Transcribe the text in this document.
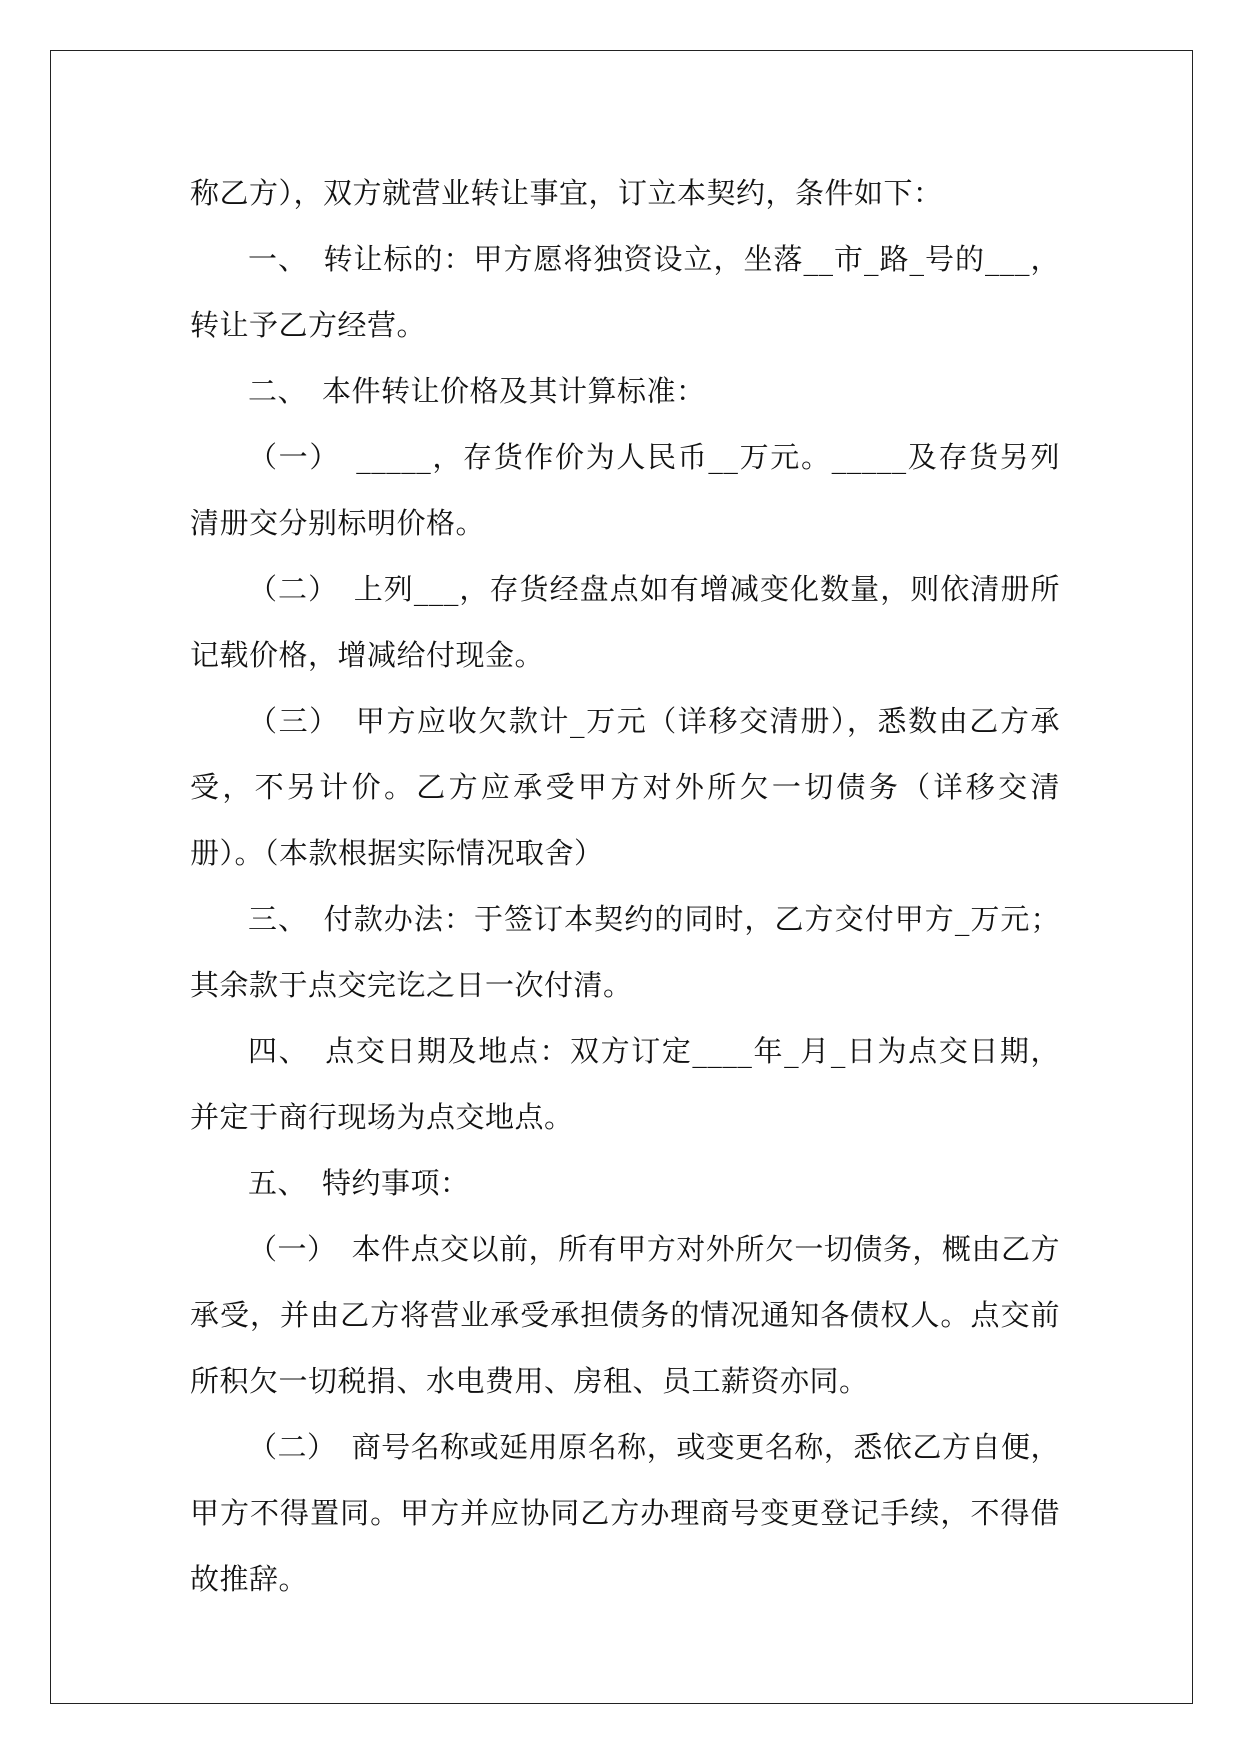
称乙方），双方就营业转让事宜，订立本契约，条件如下：

一、　转让标的：甲方愿将独资设立，坐落__市_路_号的___，转让予乙方经营。

二、　本件转让价格及其计算标准：

（一）　_____，存货作价为人民币__万元。_____及存货另列清册交分别标明价格。

（二）　上列___，存货经盘点如有增减变化数量，则依清册所记载价格，增减给付现金。

（三）　甲方应收欠款计_万元（详移交清册），悉数由乙方承受，不另计价。乙方应承受甲方对外所欠一切债务（详移交清册）。（本款根据实际情况取舍）

三、　付款办法：于签订本契约的同时，乙方交付甲方_万元；其余款于点交完讫之日一次付清。

四、　点交日期及地点：双方订定____年_月_日为点交日期，并定于商行现场为点交地点。

五、　特约事项：

（一）　本件点交以前，所有甲方对外所欠一切债务，概由乙方承受，并由乙方将营业承受承担债务的情况通知各债权人。点交前所积欠一切税捐、水电费用、房租、员工薪资亦同。

（二）　商号名称或延用原名称，或变更名称，悉依乙方自便，甲方不得置同。甲方并应协同乙方办理商号变更登记手续，不得借故推辞。
